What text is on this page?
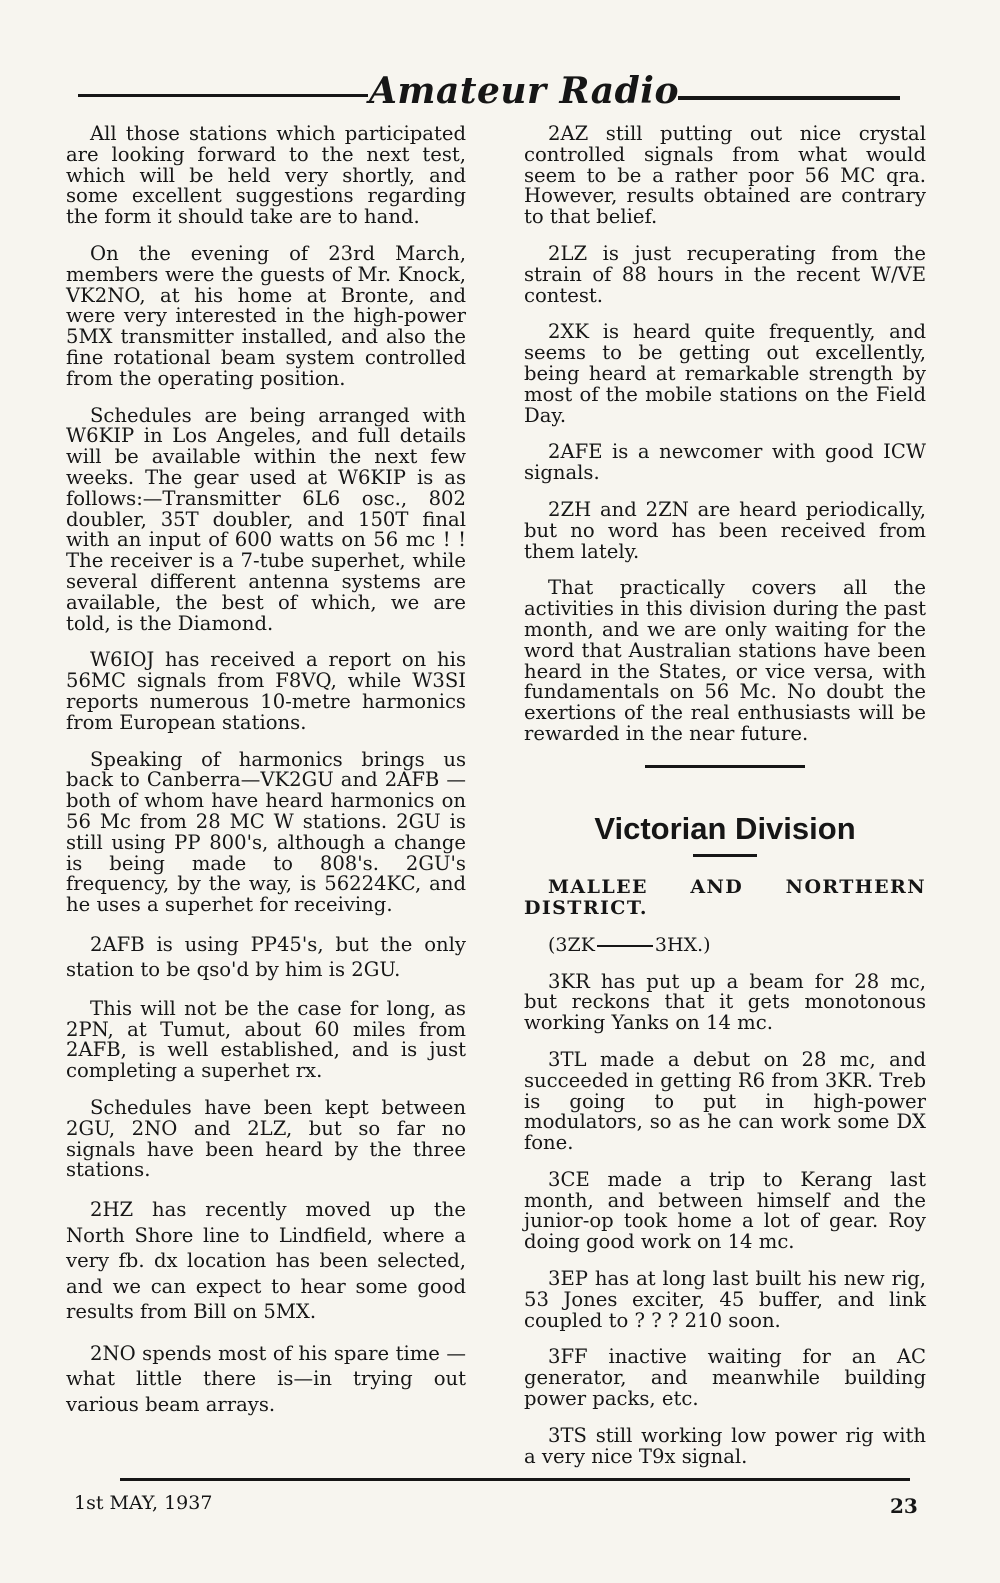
Amateur Radio

All those stations which participated are looking forward to the next test, which will be held very shortly, and some excellent suggestions regarding the form it should take are to hand.

On the evening of 23rd March, members were the guests of Mr. Knock, VK2NO, at his home at Bronte, and were very interested in the high-power 5MX transmitter installed, and also the fine rotational beam system controlled from the operating position.

Schedules are being arranged with W6KIP in Los Angeles, and full details will be available within the next few weeks. The gear used at W6KIP is as follows:—Transmitter 6L6 osc., 802 doubler, 35T doubler, and 150T final with an input of 600 watts on 56 mc ! ! The receiver is a 7-tube superhet, while several different antenna systems are available, the best of which, we are told, is the Diamond.

W6IOJ has received a report on his 56MC signals from F8VQ, while W3SI reports numerous 10-metre harmonics from European stations.

Speaking of harmonics brings us back to Canberra—VK2GU and 2AFB —both of whom have heard harmonics on 56 Mc from 28 MC W stations. 2GU is still using PP 800's, although a change is being made to 808's. 2GU's frequency, by the way, is 56224KC, and he uses a superhet for receiving.

2AFB is using PP45's, but the only station to be qso'd by him is 2GU.

This will not be the case for long, as 2PN, at Tumut, about 60 miles from 2AFB, is well established, and is just completing a superhet rx.

Schedules have been kept between 2GU, 2NO and 2LZ, but so far no signals have been heard by the three stations.

2HZ has recently moved up the North Shore line to Lindfield, where a very fb. dx location has been selected, and we can expect to hear some good results from Bill on 5MX.

2NO spends most of his spare time —what little there is—in trying out various beam arrays.

2AZ still putting out nice crystal controlled signals from what would seem to be a rather poor 56 MC qra. However, results obtained are contrary to that belief.

2LZ is just recuperating from the strain of 88 hours in the recent W/VE contest.

2XK is heard quite frequently, and seems to be getting out excellently, being heard at remarkable strength by most of the mobile stations on the Field Day.

2AFE is a newcomer with good ICW signals.

2ZH and 2ZN are heard periodically, but no word has been received from them lately.

That practically covers all the activities in this division during the past month, and we are only waiting for the word that Australian stations have been heard in the States, or vice versa, with fundamentals on 56 Mc. No doubt the exertions of the real enthusiasts will be rewarded in the near future.

Victorian Division

MALLEE AND NORTHERN DISTRICT.

(3ZK	3HX.)

3KR has put up a beam for 28 mc, but reckons that it gets monotonous working Yanks on 14 mc.

3TL made a debut on 28 mc, and succeeded in getting R6 from 3KR. Treb is going to put in high-power modulators, so as he can work some DX fone.

3CE made a trip to Kerang last month, and between himself and the junior-op took home a lot of gear. Roy doing good work on 14 mc.

3EP has at long last built his new rig, 53 Jones exciter, 45 buffer, and link coupled to ? ? ? 210 soon.

3FF inactive waiting for an AC generator, and meanwhile building power packs, etc.

3TS still working low power rig with a very nice T9x signal.

1st MAY, 1937	23
